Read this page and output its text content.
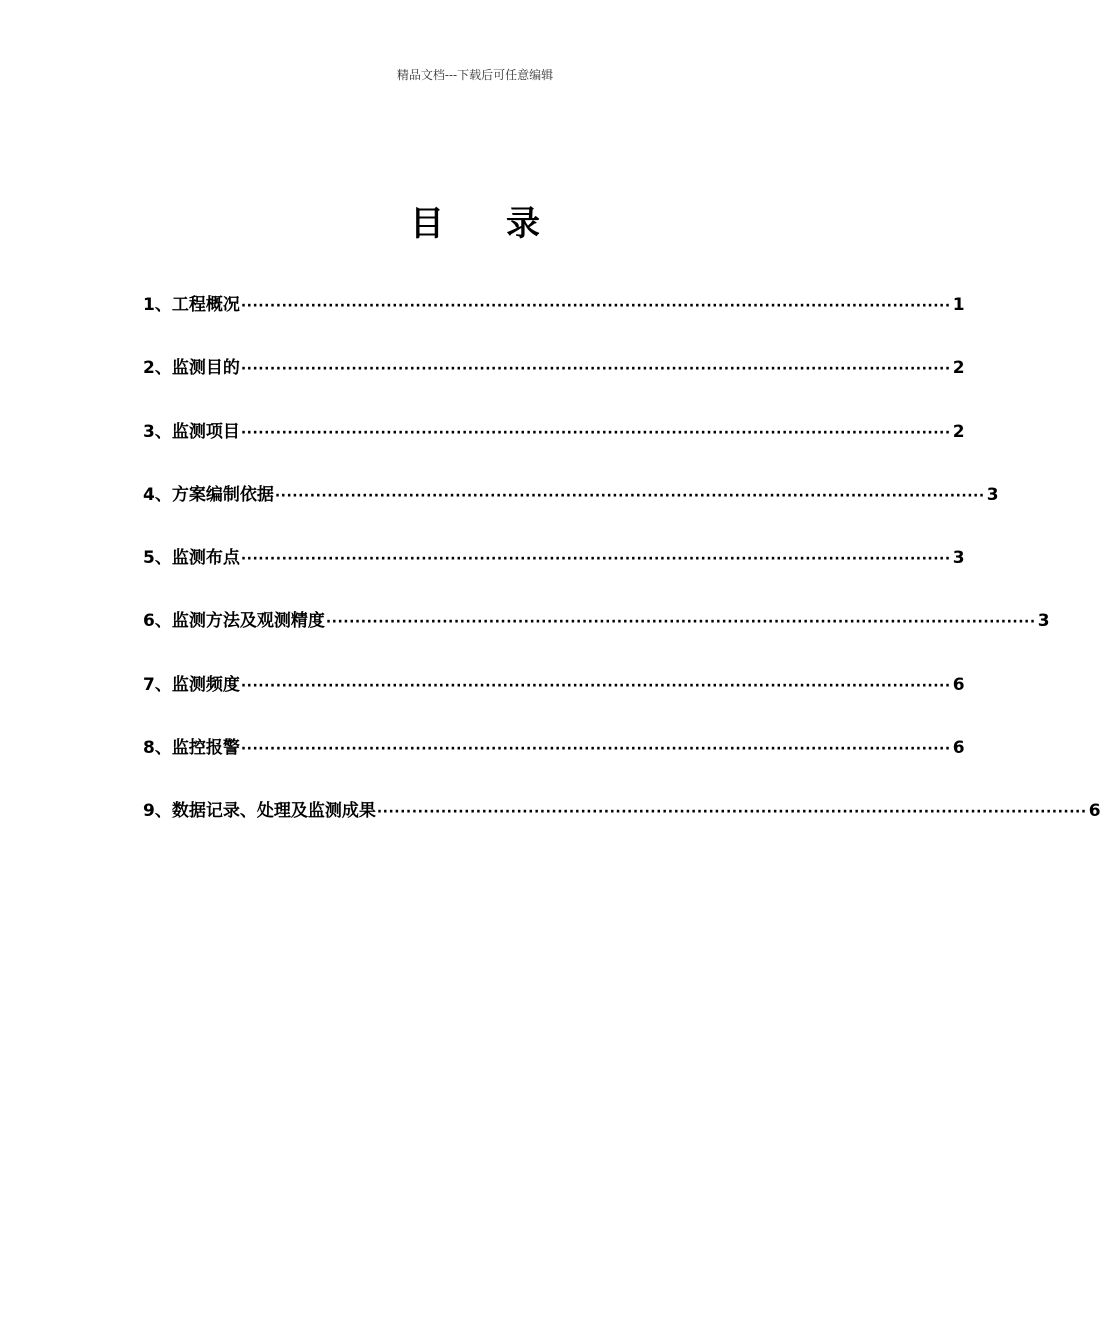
精品文档---下载后可任意编辑
目 录
1、 工程概况 ·························································································································· 1
2、 监测目的 ·························································································································· 2
3、 监测项目 ·························································································································· 2
4、 方案编制依据 ·························································································································· 3
5、 监测布点 ·························································································································· 3
6、 监测方法及观测精度 ·························································································································· 3
7、 监测频度 ·························································································································· 6
8、 监控报警 ·························································································································· 6
9、 数据记录、处理及监测成果 ·························································································································· 6
